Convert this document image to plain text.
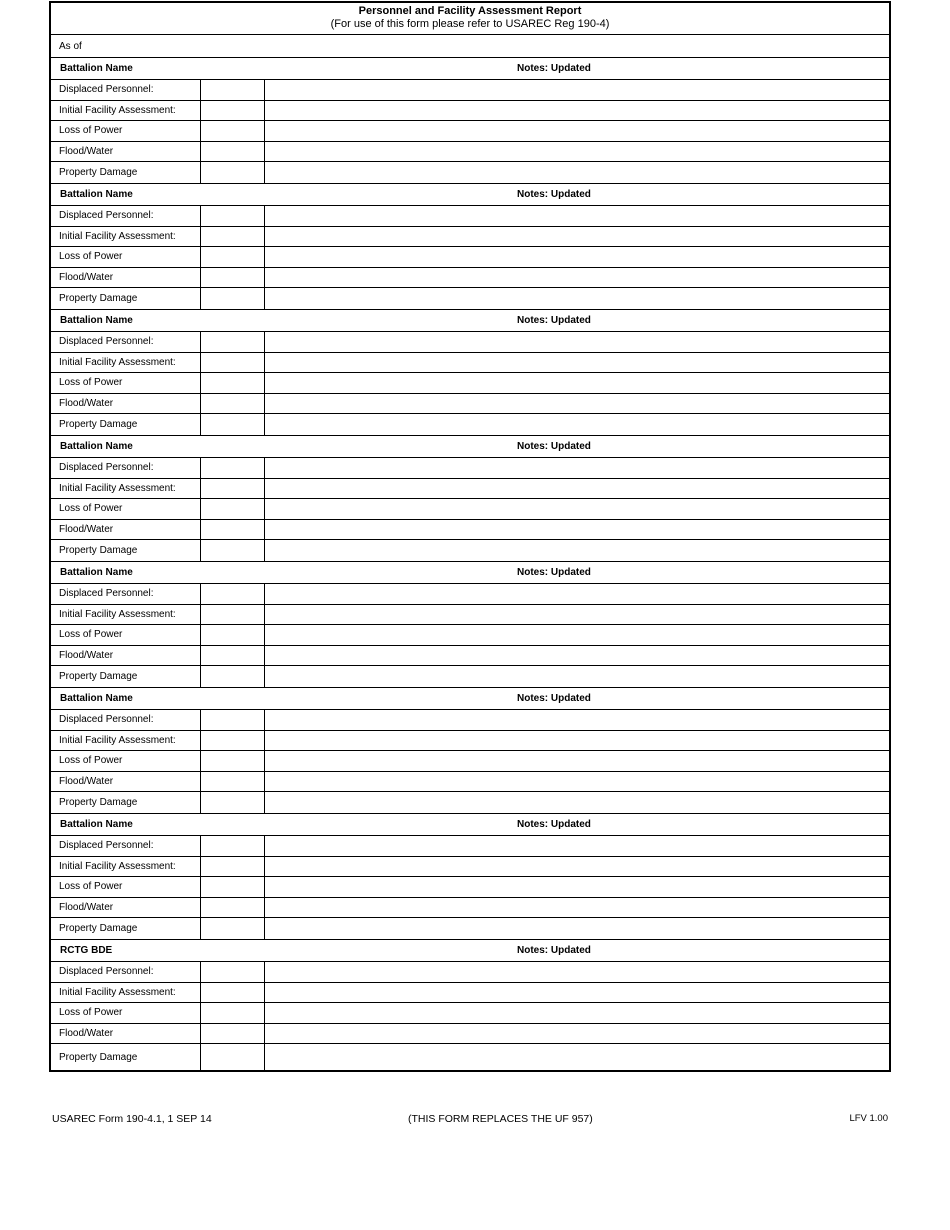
Personnel and Facility Assessment Report
(For use of this form please refer to USAREC Reg 190-4)
As of
Battalion Name	Notes: Updated
Displaced Personnel:
Initial Facility Assessment:
Loss of Power
Flood/Water
Property Damage
Battalion Name	Notes: Updated
Displaced Personnel:
Initial Facility Assessment:
Loss of Power
Flood/Water
Property Damage
Battalion Name	Notes: Updated
Displaced Personnel:
Initial Facility Assessment:
Loss of Power
Flood/Water
Property Damage
Battalion Name	Notes: Updated
Displaced Personnel:
Initial Facility Assessment:
Loss of Power
Flood/Water
Property Damage
Battalion Name	Notes: Updated
Displaced Personnel:
Initial Facility Assessment:
Loss of Power
Flood/Water
Property Damage
Battalion Name	Notes: Updated
Displaced Personnel:
Initial Facility Assessment:
Loss of Power
Flood/Water
Property Damage
Battalion Name	Notes: Updated
Displaced Personnel:
Initial Facility Assessment:
Loss of Power
Flood/Water
Property Damage
RCTG BDE	Notes: Updated
Displaced Personnel:
Initial Facility Assessment:
Loss of Power
Flood/Water
Property Damage
USAREC Form 190-4.1, 1 SEP 14	(THIS FORM REPLACES THE UF 957)	LFV 1.00
